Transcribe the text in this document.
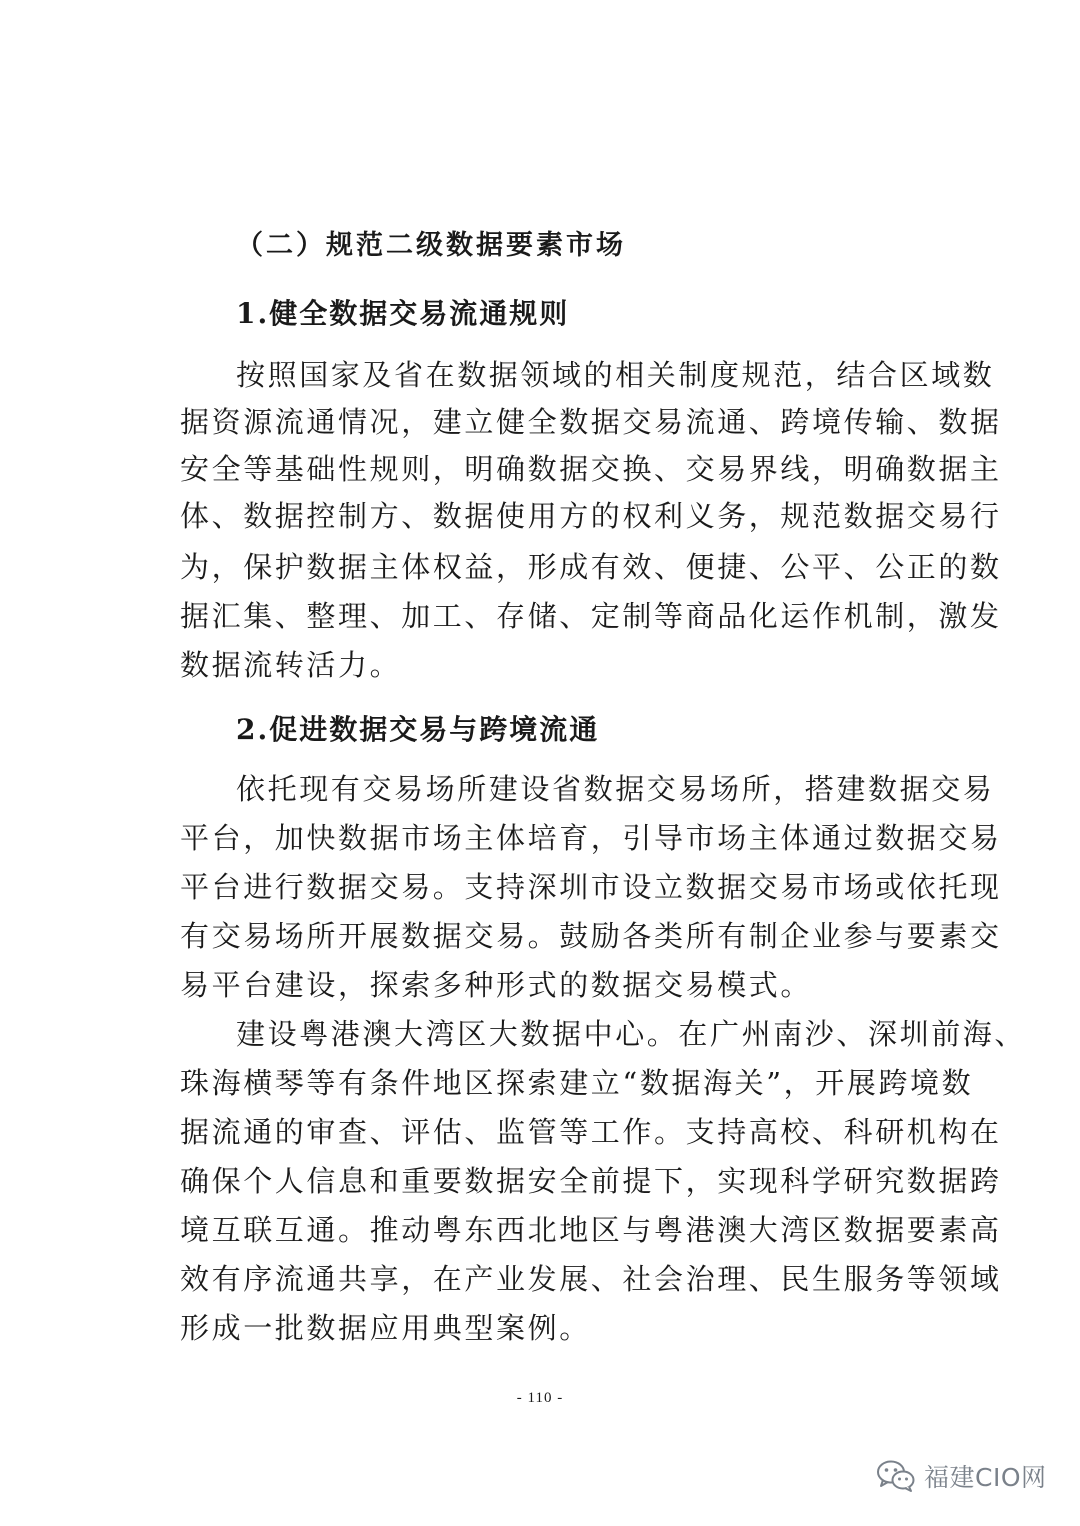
（二）规范二级数据要素市场
1.健全数据交易流通规则
按照国家及省在数据领域的相关制度规范，结合区域数
据资源流通情况，建立健全数据交易流通、跨境传输、数据
安全等基础性规则，明确数据交换、交易界线，明确数据主
体、数据控制方、数据使用方的权利义务，规范数据交易行
为，保护数据主体权益，形成有效、便捷、公平、公正的数
据汇集、整理、加工、存储、定制等商品化运作机制，激发
数据流转活力。
2.促进数据交易与跨境流通
依托现有交易场所建设省数据交易场所，搭建数据交易
平台，加快数据市场主体培育，引导市场主体通过数据交易
平台进行数据交易。支持深圳市设立数据交易市场或依托现
有交易场所开展数据交易。鼓励各类所有制企业参与要素交
易平台建设，探索多种形式的数据交易模式。
建设粤港澳大湾区大数据中心。在广州南沙、深圳前海、
珠海横琴等有条件地区探索建立“数据海关”，开展跨境数
据流通的审查、评估、监管等工作。支持高校、科研机构在
确保个人信息和重要数据安全前提下，实现科学研究数据跨
境互联互通。推动粤东西北地区与粤港澳大湾区数据要素高
效有序流通共享，在产业发展、社会治理、民生服务等领域
形成一批数据应用典型案例。
- 110 -
福建CIO网
